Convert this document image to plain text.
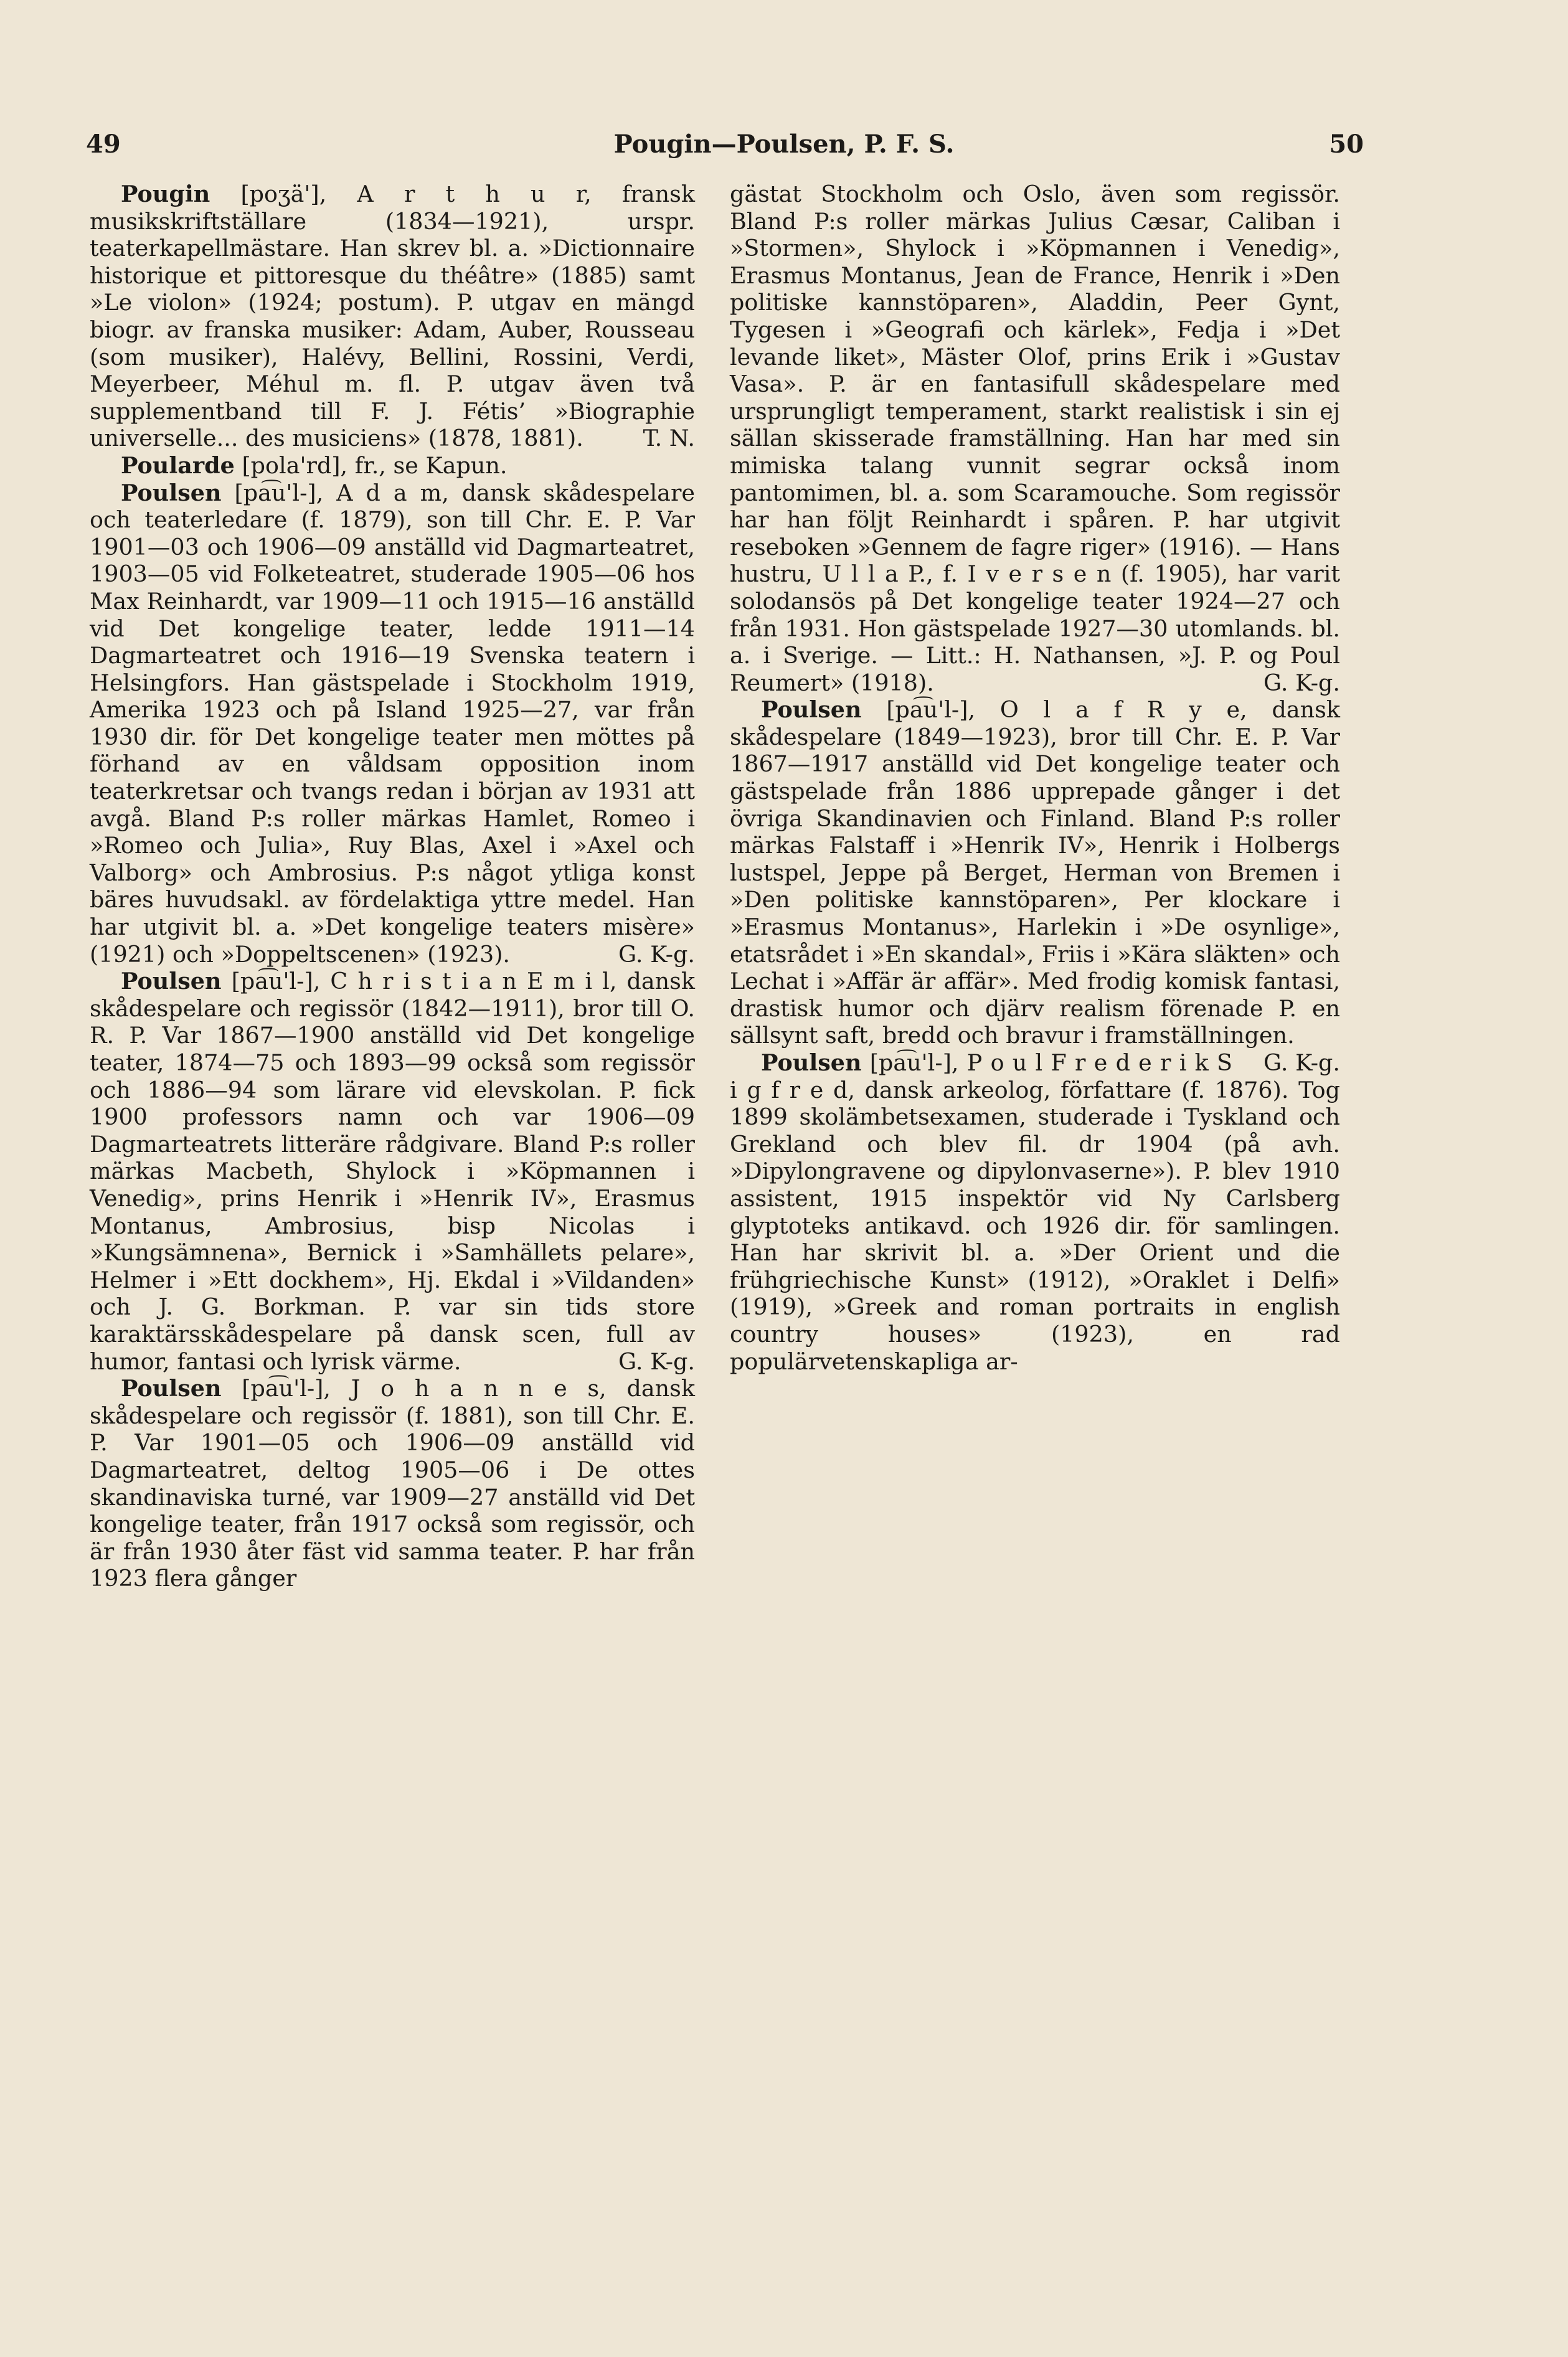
49	Pougin—Poulsen, P. F. S.	50

Pougin [poʒä'], A r t h u r, fransk musikskriftställare (1834—1921), urspr. teaterkapellmästare. Han skrev bl. a. »Dictionnaire historique et pittoresque du théâtre» (1885) samt »Le violon» (1924; postum). P. utgav en mängd biogr. av franska musiker: Adam, Auber, Rousseau (som musiker), Halévy, Bellini, Rossini, Verdi, Meyerbeer, Méhul m. fl. P. utgav även två supplementband till F. J. Fétis’ »Biographie universelle... des musiciens» (1878, 1881).	T. N.

Poularde [pola'rd], fr., se Kapun.

Poulsen [pa͡u'l-], A d a m, dansk skådespelare och teaterledare (f. 1879), son till Chr. E. P. Var 1901—03 och 1906—09 anställd vid Dagmarteatret, 1903—05 vid Folketeatret, studerade 1905—06 hos Max Reinhardt, var 1909—11 och 1915—16 anställd vid Det kongelige teater, ledde 1911—14 Dagmarteatret och 1916—19 Svenska teatern i Helsingfors. Han gästspelade i Stockholm 1919, Amerika 1923 och på Island 1925—27, var från 1930 dir. för Det kongelige teater men möttes på förhand av en våldsam opposition inom teaterkretsar och tvangs redan i början av 1931 att avgå. Bland P:s roller märkas Hamlet, Romeo i »Romeo och Julia», Ruy Blas, Axel i »Axel och Valborg» och Ambrosius. P:s något ytliga konst bäres huvudsakl. av fördelaktiga yttre medel. Han har utgivit bl. a. »Det kongelige teaters misère» (1921) och »Doppeltscenen» (1923).	G. K-g.

Poulsen [pa͡u'l-], C h r i s t i a n E m i l, dansk skådespelare och regissör (1842—1911), bror till O. R. P. Var 1867—1900 anställd vid Det kongelige teater, 1874—75 och 1893—99 också som regissör och 1886—94 som lärare vid elevskolan. P. fick 1900 professors namn och var 1906—09 Dagmarteatrets litteräre rådgivare. Bland P:s roller märkas Macbeth, Shylock i »Köpmannen i Venedig», prins Henrik i »Henrik IV», Erasmus Montanus, Ambrosius, bisp Nicolas i »Kungsämnena», Bernick i »Samhällets pelare», Helmer i »Ett dockhem», Hj. Ekdal i »Vildanden» och J. G. Borkman. P. var sin tids store karaktärsskådespelare på dansk scen, full av humor, fantasi och lyrisk värme.	G. K-g.

Poulsen [pa͡u'l-], J o h a n n e s, dansk skådespelare och regissör (f. 1881), son till Chr. E. P. Var 1901—05 och 1906—09 anställd vid Dagmarteatret, deltog 1905—06 i De ottes skandinaviska turné, var 1909—27 anställd vid Det kongelige teater, från 1917 också som regissör, och är från 1930 åter fäst vid samma teater. P. har från 1923 flera gånger

gästat Stockholm och Oslo, även som regissör. Bland P:s roller märkas Julius Cæsar, Caliban i »Stormen», Shylock i »Köpmannen i Venedig», Erasmus Montanus, Jean de France, Henrik i »Den politiske kannstöparen», Aladdin, Peer Gynt, Tygesen i »Geografi och kärlek», Fedja i »Det levande liket», Mäster Olof, prins Erik i »Gustav Vasa». P. är en fantasifull skådespelare med ursprungligt temperament, starkt realistisk i sin ej sällan skisserade framställning. Han har med sin mimiska talang vunnit segrar också inom pantomimen, bl. a. som Scaramouche. Som regissör har han följt Reinhardt i spåren. P. har utgivit reseboken »Gennem de fagre riger» (1916). — Hans hustru, U l l a P., f. I v e r s e n (f. 1905), har varit solodansös på Det kongelige teater 1924—27 och från 1931. Hon gästspelade 1927—30 utomlands. bl. a. i Sverige. — Litt.: H. Nathansen, »J. P. og Poul Reumert» (1918).	G. K-g.

Poulsen [pa͡u'l-], O l a f R y e, dansk skådespelare (1849—1923), bror till Chr. E. P. Var 1867—1917 anställd vid Det kongelige teater och gästspelade från 1886 upprepade gånger i det övriga Skandinavien och Finland. Bland P:s roller märkas Falstaff i »Henrik IV», Henrik i Holbergs lustspel, Jeppe på Berget, Herman von Bremen i »Den politiske kannstöparen», Per klockare i »Erasmus Montanus», Harlekin i »De osynlige», etatsrådet i »En skandal», Friis i »Kära släkten» och Lechat i »Affär är affär». Med frodig komisk fantasi, drastisk humor och djärv realism förenade P. en sällsynt saft, bredd och bravur i framställningen.
G. K-g.

Poulsen [pa͡u'l-], P o u l F r e d e r i k S i g f r e d, dansk arkeolog, författare (f. 1876). Tog 1899 skolämbetsexamen, studerade i Tyskland och Grekland och blev fil. dr 1904 (på avh. »Dipylongravene og dipylonvaserne»). P. blev 1910 assistent, 1915 inspektör vid Ny Carlsberg glyptoteks antikavd. och 1926 dir. för samlingen. Han har skrivit bl. a. »Der Orient und die frühgriechische Kunst» (1912), »Oraklet i Delfi» (1919), »Greek and roman portraits in english country houses» (1923), en rad populärvetenskapliga ar-
